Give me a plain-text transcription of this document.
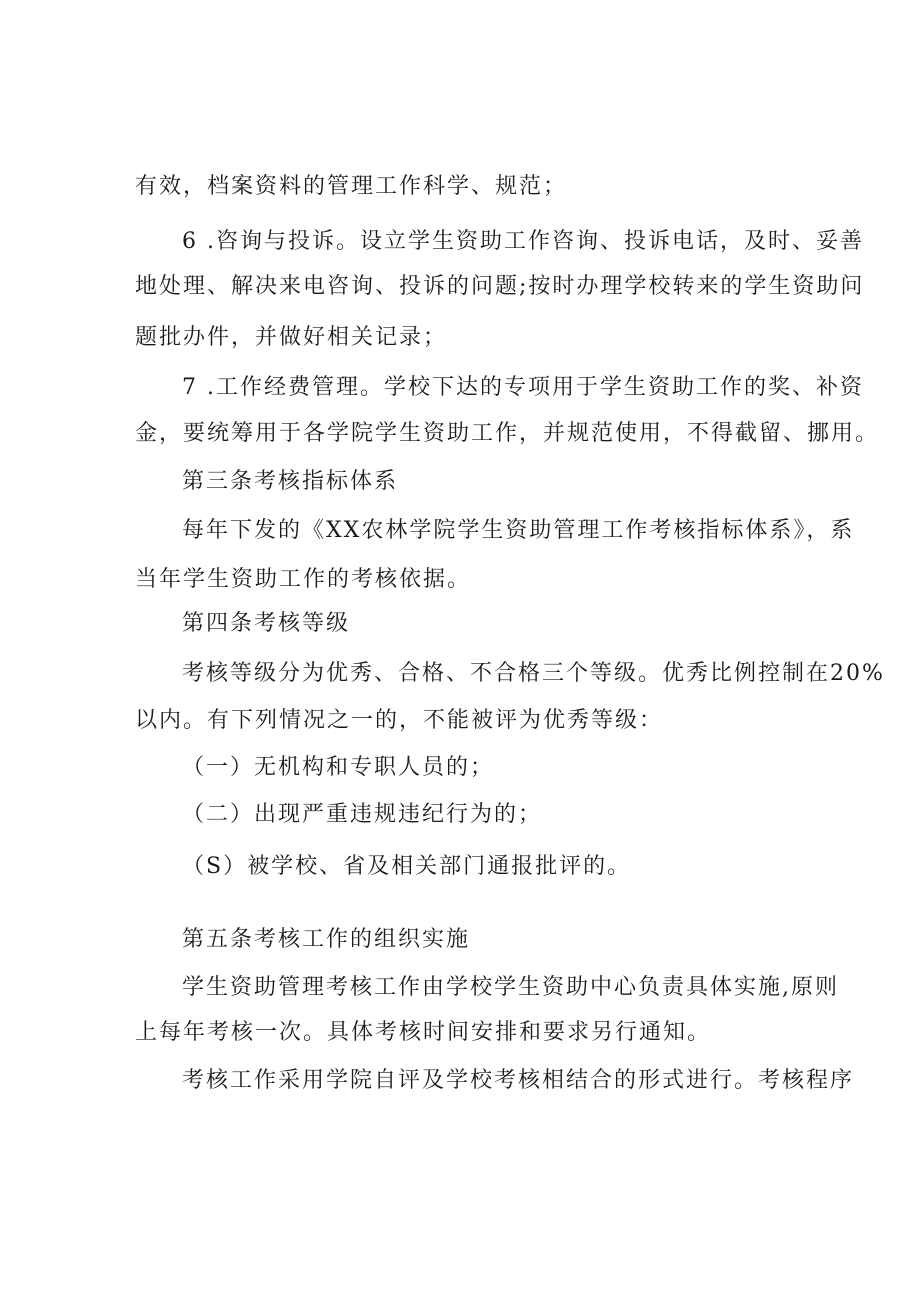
有效，档案资料的管理工作科学、规范；
6 .咨询与投诉。设立学生资助工作咨询、投诉电话，及时、妥善
地处理、解决来电咨询、投诉的问题;按时办理学校转来的学生资助问
题批办件，并做好相关记录；
7 .工作经费管理。学校下达的专项用于学生资助工作的奖、补资
金，要统筹用于各学院学生资助工作，并规范使用，不得截留、挪用。
第三条考核指标体系
每年下发的《XX农林学院学生资助管理工作考核指标体系》，系
当年学生资助工作的考核依据。
第四条考核等级
考核等级分为优秀、合格、不合格三个等级。优秀比例控制在20%
以内。有下列情况之一的，不能被评为优秀等级：
（一）无机构和专职人员的；
（二）出现严重违规违纪行为的；
（S）被学校、省及相关部门通报批评的。
第五条考核工作的组织实施
学生资助管理考核工作由学校学生资助中心负责具体实施,原则
上每年考核一次。具体考核时间安排和要求另行通知。
考核工作采用学院自评及学校考核相结合的形式进行。考核程序
